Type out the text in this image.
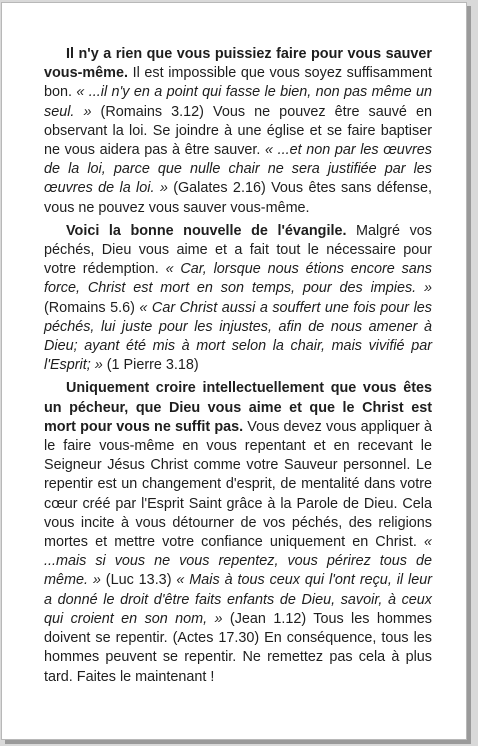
Il n'y a rien que vous puissiez faire pour vous sauver vous-même. Il est impossible que vous soyez suffisamment bon. « ...il n'y en a point qui fasse le bien, non pas même un seul. » (Romains 3.12) Vous ne pouvez être sauvé en observant la loi. Se joindre à une église et se faire baptiser ne vous aidera pas à être sauver. « ...et non par les œuvres de la loi, parce que nulle chair ne sera justifiée par les œuvres de la loi. » (Galates 2.16) Vous êtes sans défense, vous ne pouvez vous sauver vous-même.

Voici la bonne nouvelle de l'évangile. Malgré vos péchés, Dieu vous aime et a fait tout le nécessaire pour votre rédemption. « Car, lorsque nous étions encore sans force, Christ est mort en son temps, pour des impies. » (Romains 5.6) « Car Christ aussi a souffert une fois pour les péchés, lui juste pour les injustes, afin de nous amener à Dieu; ayant été mis à mort selon la chair, mais vivifié par l'Esprit; » (1 Pierre 3.18)

Uniquement croire intellectuellement que vous êtes un pécheur, que Dieu vous aime et que le Christ est mort pour vous ne suffit pas. Vous devez vous appliquer à le faire vous-même en vous repentant et en recevant le Seigneur Jésus Christ comme votre Sauveur personnel. Le repentir est un changement d'esprit, de mentalité dans votre cœur créé par l'Esprit Saint grâce à la Parole de Dieu. Cela vous incite à vous détourner de vos péchés, des religions mortes et mettre votre confiance uniquement en Christ. « ...mais si vous ne vous repentez, vous périrez tous de même. » (Luc 13.3) « Mais à tous ceux qui l'ont reçu, il leur a donné le droit d'être faits enfants de Dieu, savoir, à ceux qui croient en son nom, » (Jean 1.12) Tous les hommes doivent se repentir. (Actes 17.30) En conséquence, tous les hommes peuvent se repentir. Ne remettez pas cela à plus tard. Faites le maintenant !
